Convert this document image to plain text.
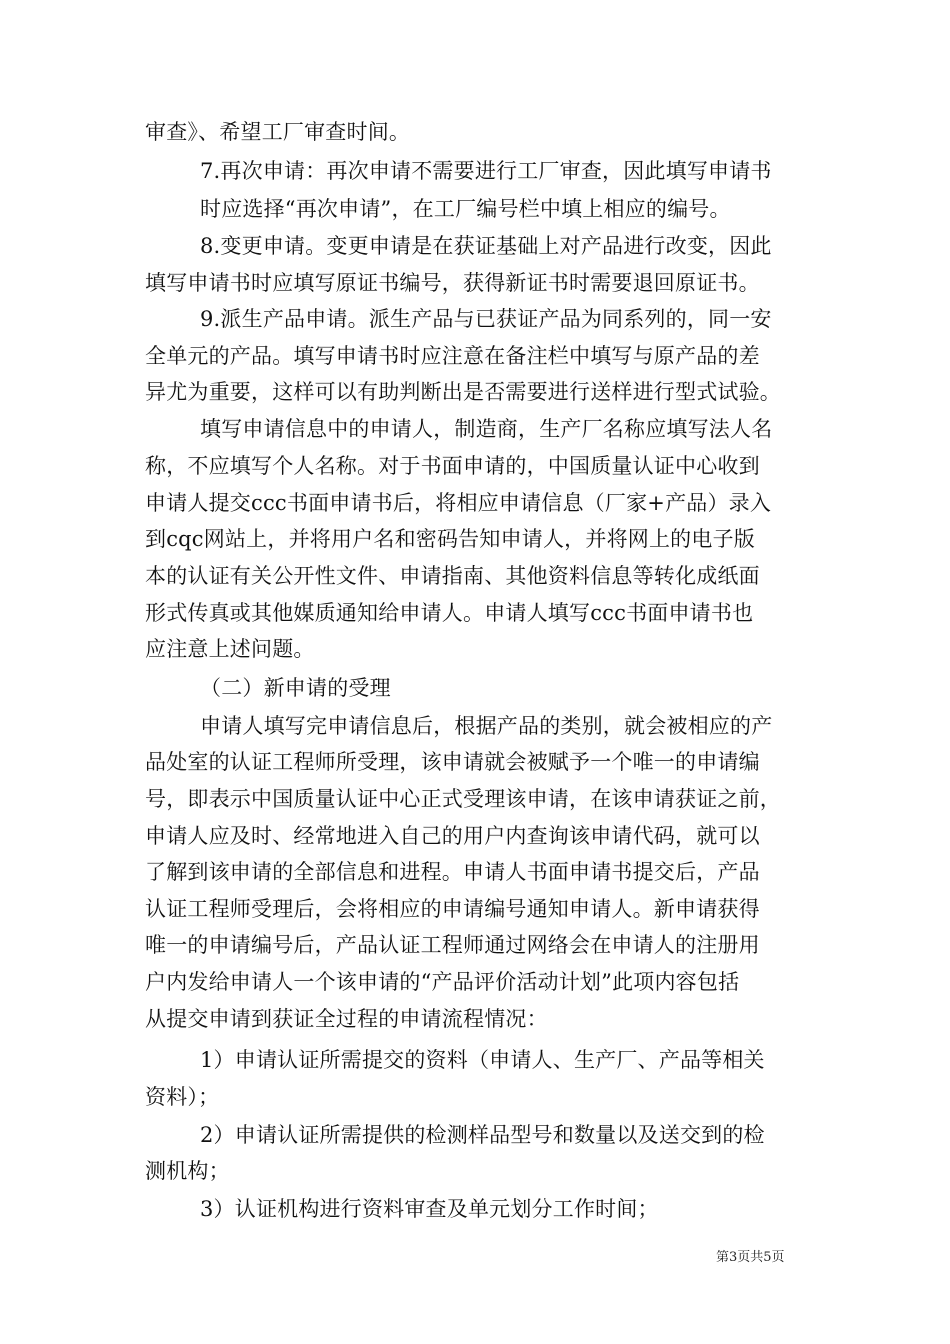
审查》、希望工厂审查时间。
7.再次申请：再次申请不需要进行工厂审查，因此填写申请书
时应选择“再次申请”，在工厂编号栏中填上相应的编号。
8.变更申请。变更申请是在获证基础上对产品进行改变，因此
填写申请书时应填写原证书编号，获得新证书时需要退回原证书。
9.派生产品申请。派生产品与已获证产品为同系列的，同一安
全单元的产品。填写申请书时应注意在备注栏中填写与原产品的差
异尤为重要，这样可以有助判断出是否需要进行送样进行型式试验。
填写申请信息中的申请人，制造商，生产厂名称应填写法人名
称，不应填写个人名称。对于书面申请的，中国质量认证中心收到
申请人提交ccc书面申请书后，将相应申请信息（厂家+产品）录入
到cqc网站上，并将用户名和密码告知申请人，并将网上的电子版
本的认证有关公开性文件、申请指南、其他资料信息等转化成纸面
形式传真或其他媒质通知给申请人。申请人填写ccc书面申请书也
应注意上述问题。
（二）新申请的受理
申请人填写完申请信息后，根据产品的类别，就会被相应的产
品处室的认证工程师所受理，该申请就会被赋予一个唯一的申请编
号，即表示中国质量认证中心正式受理该申请，在该申请获证之前，
申请人应及时、经常地进入自己的用户内查询该申请代码，就可以
了解到该申请的全部信息和进程。申请人书面申请书提交后，产品
认证工程师受理后，会将相应的申请编号通知申请人。新申请获得
唯一的申请编号后，产品认证工程师通过网络会在申请人的注册用
户内发给申请人一个该申请的“产品评价活动计划”此项内容包括
从提交申请到获证全过程的申请流程情况：
1）申请认证所需提交的资料（申请人、生产厂、产品等相关
资料）；
2）申请认证所需提供的检测样品型号和数量以及送交到的检
测机构；
3）认证机构进行资料审查及单元划分工作时间；
第3页共5页
